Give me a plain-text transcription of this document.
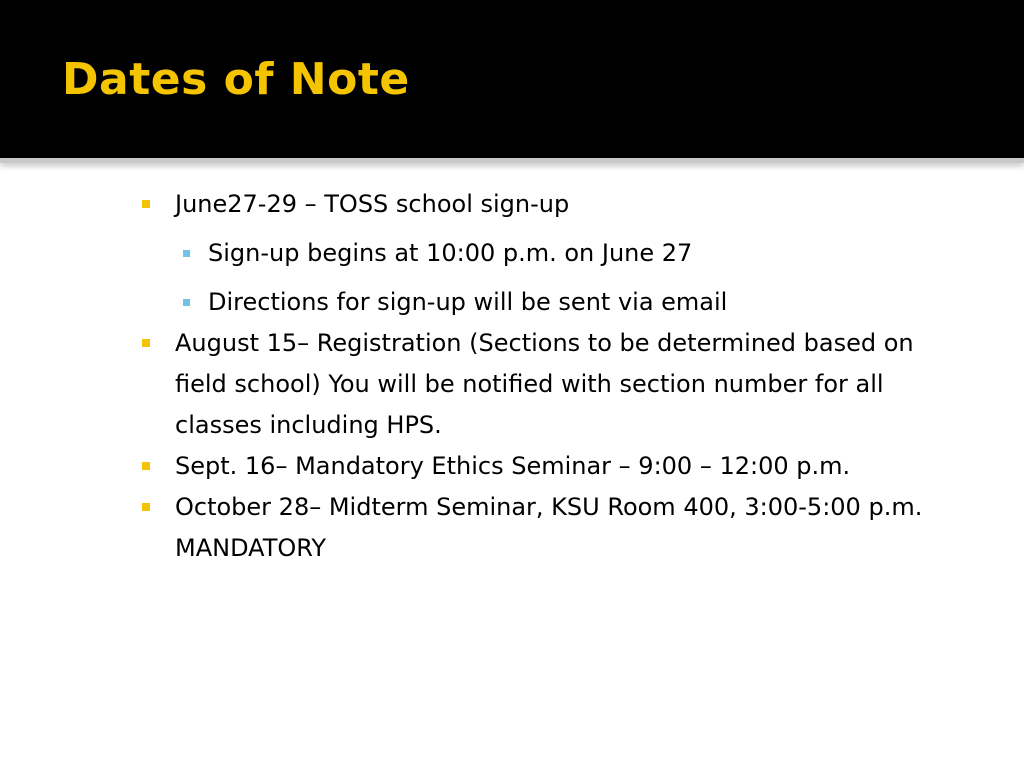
Dates of Note
June27-29 – TOSS school sign-up
Sign-up begins at 10:00 p.m. on June 27
Directions for sign-up will be sent via email
August 15– Registration (Sections to be determined based on field school) You will be notified with section number for all classes including HPS.
Sept. 16– Mandatory Ethics Seminar – 9:00 – 12:00 p.m.
October 28– Midterm Seminar, KSU Room 400, 3:00-5:00 p.m. MANDATORY
